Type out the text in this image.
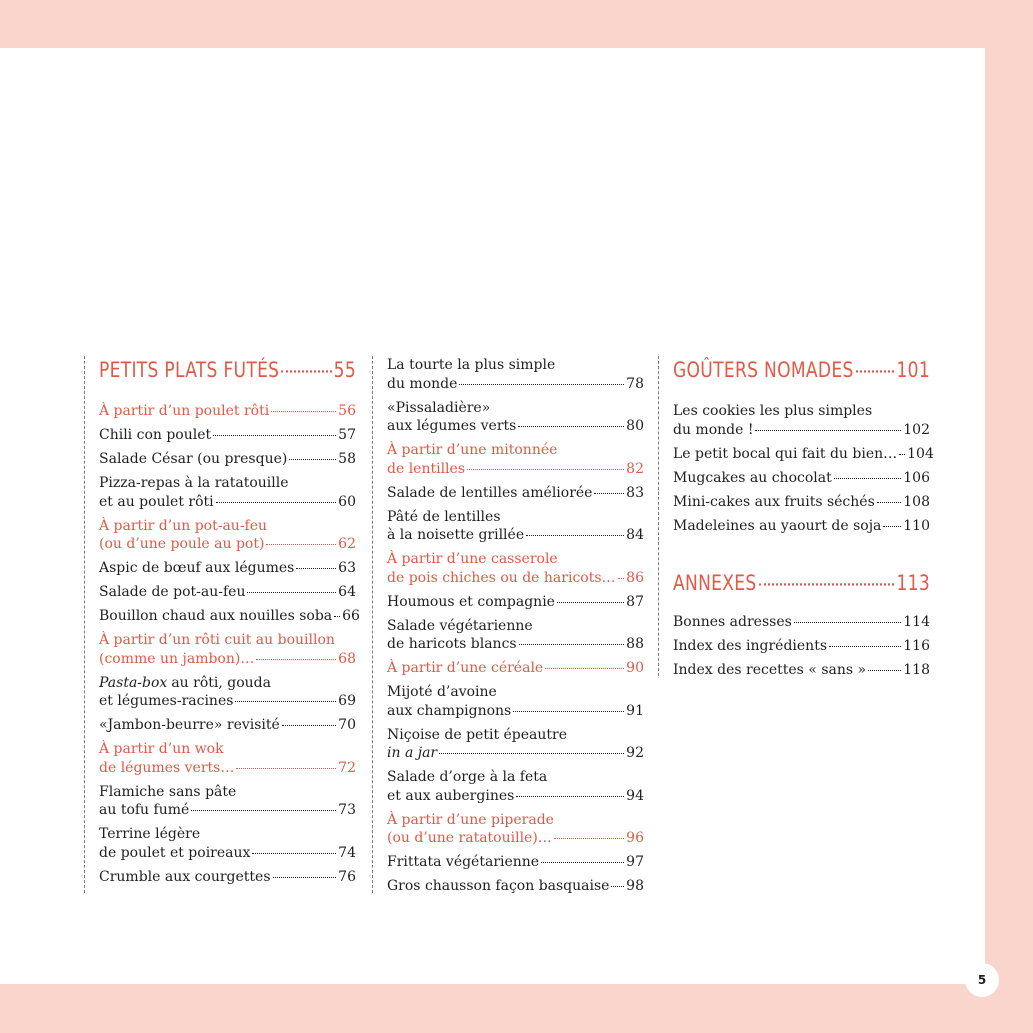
PETITS PLATS FUTÉS	55
À partir d’un poulet rôti	56
Chili con poulet	57
Salade César (ou presque)	58
Pizza-repas à la ratatouille
et au poulet rôti	60
À partir d’un pot-au-feu
(ou d’une poule au pot)	62
Aspic de bœuf aux légumes	63
Salade de pot-au-feu	64
Bouillon chaud aux nouilles soba 66
À partir d’un rôti cuit au bouillon
(comme un jambon)…	68
Pasta-box au rôti, gouda
et légumes-racines	69
«Jambon-beurre» revisité	70
À partir d’un wok
de légumes verts…	72
Flamiche sans pâte
au tofu fumé	73
Terrine légère
de poulet et poireaux	74
Crumble aux courgettes	76
La tourte la plus simple
du monde	78
«Pissaladière»
aux légumes verts	80
À partir d’une mitonnée
de lentilles	82
Salade de lentilles améliorée 83
Pâté de lentilles
à la noisette grillée	84
À partir d’une casserole
de pois chiches ou de haricots… 86
Houmous et compagnie	87
Salade végétarienne
de haricots blancs	88
À partir d’une céréale	90
Mijoté d’avoine
aux champignons	91
Niçoise de petit épeautre
in a jar	92
Salade d’orge à la feta
et aux aubergines	94
À partir d’une piperade
(ou d’une ratatouille)…	96
Frittata végétarienne	97
Gros chausson façon basquaise 98
GOÛTERS NOMADES 101
Les cookies les plus simples
du monde !	102
Le petit bocal qui fait du bien… 104
Mugcakes au chocolat	106
Mini-cakes aux fruits séchés 108
Madeleines au yaourt de soja 110
ANNEXES	113
Bonnes adresses	114
Index des ingrédients	116
Index des recettes « sans »	118
5
